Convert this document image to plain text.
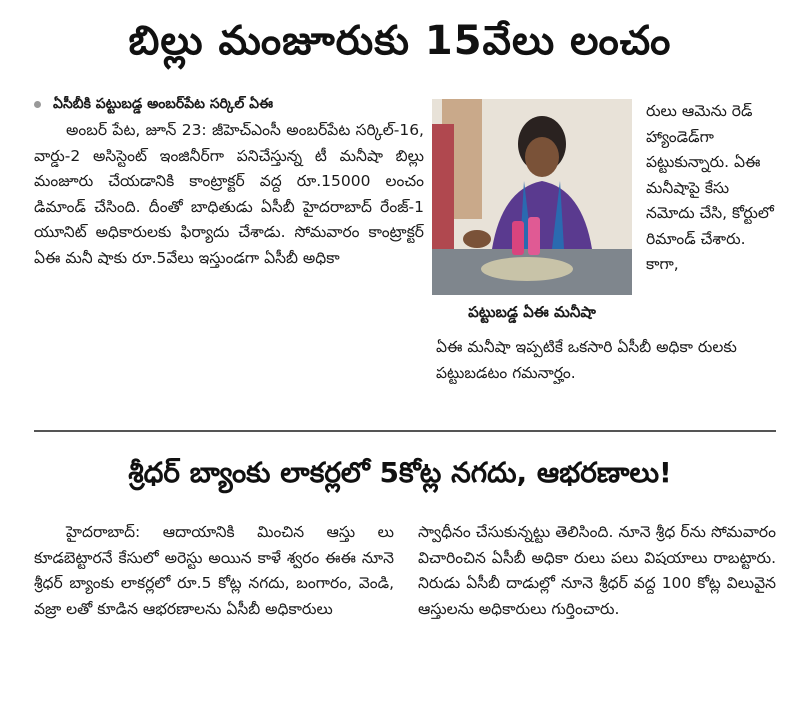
బిల్లు మంజూరుకు 15వేలు లంచం
ఏసీబీకి పట్టుబడ్డ అంబర్‌పేట సర్కిల్ ఏఈ

అంబర్ పేట, జూన్ 23: జీహెచ్ఎంసీ అంబర్‌పేట సర్కిల్-16, వార్డు-2 అసిస్టెంట్ ఇంజినీర్‌గా పనిచేస్తున్న టీ మనీషా బిల్లు మంజూరు చేయడానికి కాంట్రాక్టర్ వద్ద రూ.15000 లంచం డిమాండ్ చేసింది. దీంతో బాధితుడు ఏసీబీ హైదరాబాద్ రేంజ్-1 యూనిట్ అధికారులకు ఫిర్యాదు చేశాడు. సోమవారం కాంట్రాక్టర్ ఏఈ మనీ షాకు రూ.5వేలు ఇస్తుండగా ఏసీబీ అధికా

పట్టుబడ్డ ఏఈ మనీషా
రులు ఆమెను రెడ్ హ్యాండెడ్‌గా పట్టుకున్నారు. ఏఈ మనీషాపై కేసు నమోదు చేసి, కోర్టులో రిమాండ్ చేశారు. కాగా,
ఏఈ మనీషా ఇప్పటికే ఒకసారి ఏసీబీ అధికా రులకు పట్టుబడటం గమనార్హం.
శ్రీధర్ బ్యాంకు లాకర్లలో 5కోట్ల నగదు, ఆభరణాలు!

హైదరాబాద్: ఆదాయానికి మించిన ఆస్తు లు కూడబెట్టారనే కేసులో అరెస్టు అయిన కాళే శ్వరం ఈఈ నూనె శ్రీధర్ బ్యాంకు లాకర్లలో రూ.5 కోట్ల నగదు, బంగారం, వెండి, వజ్రా లతో కూడిన ఆభరణాలను ఏసీబీ అధికారులు

స్వాధీనం చేసుకున్నట్టు తెలిసింది. నూనె శ్రీధ ర్‌ను సోమవారం విచారించిన ఏసీబీ అధికా రులు పలు విషయాలు రాబట్టారు. నిరుడు ఏసీబీ దాడుల్లో నూనె శ్రీధర్ వద్ద 100 కోట్ల విలువైన ఆస్తులను అధికారులు గుర్తించారు.
